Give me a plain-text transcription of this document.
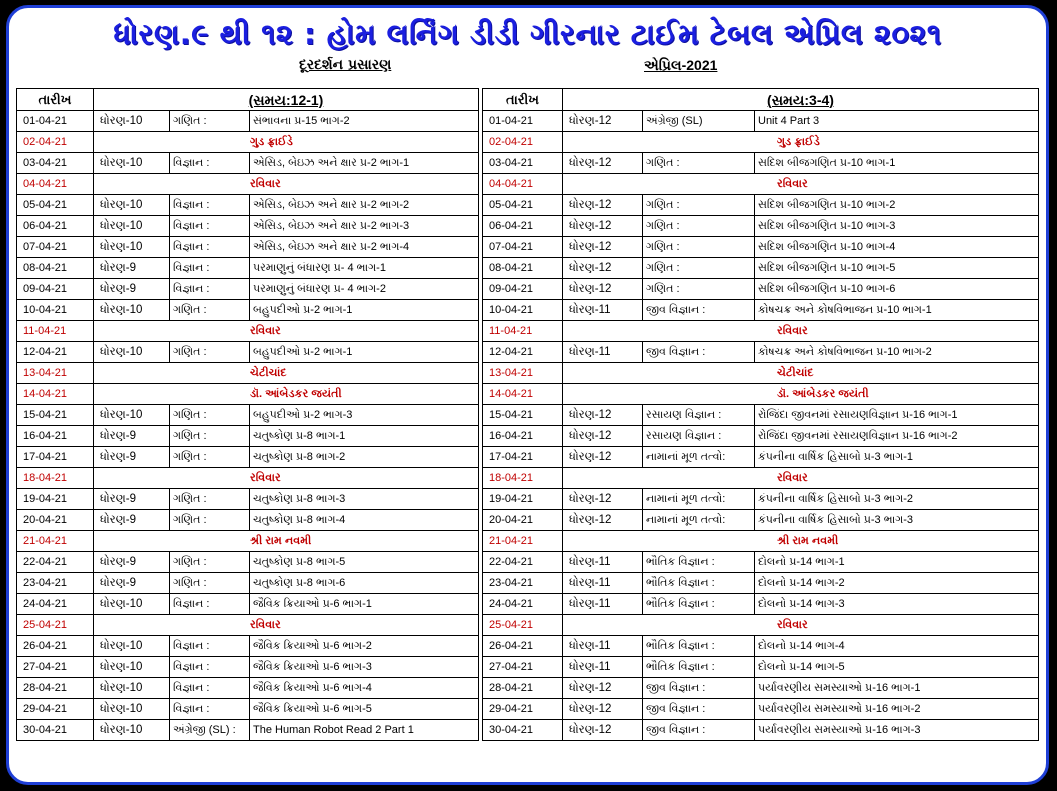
ધોરણ.૯ થી ૧૨ : હોમ લર્નિંગ ડીડી ગીરનાર ટાઈમ ટેબલ એપ્રિલ ૨૦૨૧
દૂરદર્શન પ્રસારણ	એપ્રિલ-2021
તારીખ	(સમય:12-1)		
01-04-21	ધોરણ-10	ગણિત :	સંભાવના પ્ર-15 ભાગ-2
02-04-21	ગુડ ફ્રાઈડે		
03-04-21	ધોરણ-10	વિજ્ઞાન :	એસિડ, બેઇઝ અને ક્ષાર પ્ર-2 ભાગ-1
04-04-21	રવિવાર		
05-04-21	ધોરણ-10	વિજ્ઞાન :	એસિડ, બેઇઝ અને ક્ષાર પ્ર-2 ભાગ-2
06-04-21	ધોરણ-10	વિજ્ઞાન :	એસિડ, બેઇઝ અને ક્ષાર પ્ર-2 ભાગ-3
07-04-21	ધોરણ-10	વિજ્ઞાન :	એસિડ, બેઇઝ અને ક્ષાર પ્ર-2 ભાગ-4
08-04-21	ધોરણ-9	વિજ્ઞાન :	પરમાણુનું બંધારણ પ્ર- 4 ભાગ-1
09-04-21	ધોરણ-9	વિજ્ઞાન :	પરમાણુનું બંધારણ પ્ર- 4 ભાગ-2
10-04-21	ધોરણ-10	ગણિત :	બહુપદીઓ પ્ર-2 ભાગ-1
11-04-21	રવિવાર		
12-04-21	ધોરણ-10	ગણિત :	બહુપદીઓ પ્ર-2 ભાગ-1
13-04-21	ચેટીચાંદ		
14-04-21	ડૉ. આંબેડકર જયંતી		
15-04-21	ધોરણ-10	ગણિત :	બહુપદીઓ પ્ર-2 ભાગ-3
16-04-21	ધોરણ-9	ગણિત :	ચતુષ્કોણ પ્ર-8 ભાગ-1
17-04-21	ધોરણ-9	ગણિત :	ચતુષ્કોણ પ્ર-8 ભાગ-2
18-04-21	રવિવાર		
19-04-21	ધોરણ-9	ગણિત :	ચતુષ્કોણ પ્ર-8 ભાગ-3
20-04-21	ધોરણ-9	ગણિત :	ચતુષ્કોણ પ્ર-8 ભાગ-4
21-04-21	શ્રી રામ નવમી		
22-04-21	ધોરણ-9	ગણિત :	ચતુષ્કોણ પ્ર-8 ભાગ-5
23-04-21	ધોરણ-9	ગણિત :	ચતુષ્કોણ પ્ર-8 ભાગ-6
24-04-21	ધોરણ-10	વિજ્ઞાન :	જૈવિક ક્રિયાઓ પ્ર-6 ભાગ-1
25-04-21	રવિવાર		
26-04-21	ધોરણ-10	વિજ્ઞાન :	જૈવિક ક્રિયાઓ પ્ર-6 ભાગ-2
27-04-21	ધોરણ-10	વિજ્ઞાન :	જૈવિક ક્રિયાઓ પ્ર-6 ભાગ-3
28-04-21	ધોરણ-10	વિજ્ઞાન :	જૈવિક ક્રિયાઓ પ્ર-6 ભાગ-4
29-04-21	ધોરણ-10	વિજ્ઞાન :	જૈવિક ક્રિયાઓ પ્ર-6 ભાગ-5
30-04-21	ધોરણ-10	અંગ્રેજી (SL) :	The Human Robot Read 2 Part 1
તારીખ	(સમય:3-4)		
01-04-21	ધોરણ-12	અંગ્રેજી (SL)	Unit 4 Part 3
02-04-21	ગુડ ફ્રાઈડે		
03-04-21	ધોરણ-12	ગણિત :	સદિશ બીજગણિત પ્ર-10 ભાગ-1
04-04-21	રવિવાર		
05-04-21	ધોરણ-12	ગણિત :	સદિશ બીજગણિત પ્ર-10 ભાગ-2
06-04-21	ધોરણ-12	ગણિત :	સદિશ બીજગણિત પ્ર-10 ભાગ-3
07-04-21	ધોરણ-12	ગણિત :	સદિશ બીજગણિત પ્ર-10 ભાગ-4
08-04-21	ધોરણ-12	ગણિત :	સદિશ બીજગણિત પ્ર-10 ભાગ-5
09-04-21	ધોરણ-12	ગણિત :	સદિશ બીજગણિત પ્ર-10 ભાગ-6
10-04-21	ધોરણ-11	જીવ વિજ્ઞાન :	કોષચક્ર અને કોષવિભાજન પ્ર-10 ભાગ-1
11-04-21	રવિવાર		
12-04-21	ધોરણ-11	જીવ વિજ્ઞાન :	કોષચક્ર અને કોષવિભાજન પ્ર-10 ભાગ-2
13-04-21	ચેટીચાંદ		
14-04-21	ડૉ. આંબેડકર જયંતી		
15-04-21	ધોરણ-12	રસાયણ વિજ્ઞાન :	રોજિંદા જીવનમાં રસાયણવિજ્ઞાન પ્ર-16 ભાગ-1
16-04-21	ધોરણ-12	રસાયણ વિજ્ઞાન :	રોજિંદા જીવનમાં રસાયણવિજ્ઞાન પ્ર-16 ભાગ-2
17-04-21	ધોરણ-12	નામાનાં મૂળ તત્વો:	કંપનીના વાર્ષિક હિસાબો પ્ર-3 ભાગ-1
18-04-21	રવિવાર		
19-04-21	ધોરણ-12	નામાનાં મૂળ તત્વો:	કંપનીના વાર્ષિક હિસાબો પ્ર-3 ભાગ-2
20-04-21	ધોરણ-12	નામાનાં મૂળ તત્વો:	કંપનીના વાર્ષિક હિસાબો પ્ર-3 ભાગ-3
21-04-21	શ્રી રામ નવમી		
22-04-21	ધોરણ-11	ભૌતિક વિજ્ઞાન :	દોલનો પ્ર-14 ભાગ-1
23-04-21	ધોરણ-11	ભૌતિક વિજ્ઞાન :	દોલનો પ્ર-14 ભાગ-2
24-04-21	ધોરણ-11	ભૌતિક વિજ્ઞાન :	દોલનો પ્ર-14 ભાગ-3
25-04-21	રવિવાર		
26-04-21	ધોરણ-11	ભૌતિક વિજ્ઞાન :	દોલનો પ્ર-14 ભાગ-4
27-04-21	ધોરણ-11	ભૌતિક વિજ્ઞાન :	દોલનો પ્ર-14 ભાગ-5
28-04-21	ધોરણ-12	જીવ વિજ્ઞાન :	પર્યાવરણીય સમસ્યાઓ પ્ર-16 ભાગ-1
29-04-21	ધોરણ-12	જીવ વિજ્ઞાન :	પર્યાવરણીય સમસ્યાઓ પ્ર-16 ભાગ-2
30-04-21	ધોરણ-12	જીવ વિજ્ઞાન :	પર્યાવરણીય સમસ્યાઓ પ્ર-16 ભાગ-3
